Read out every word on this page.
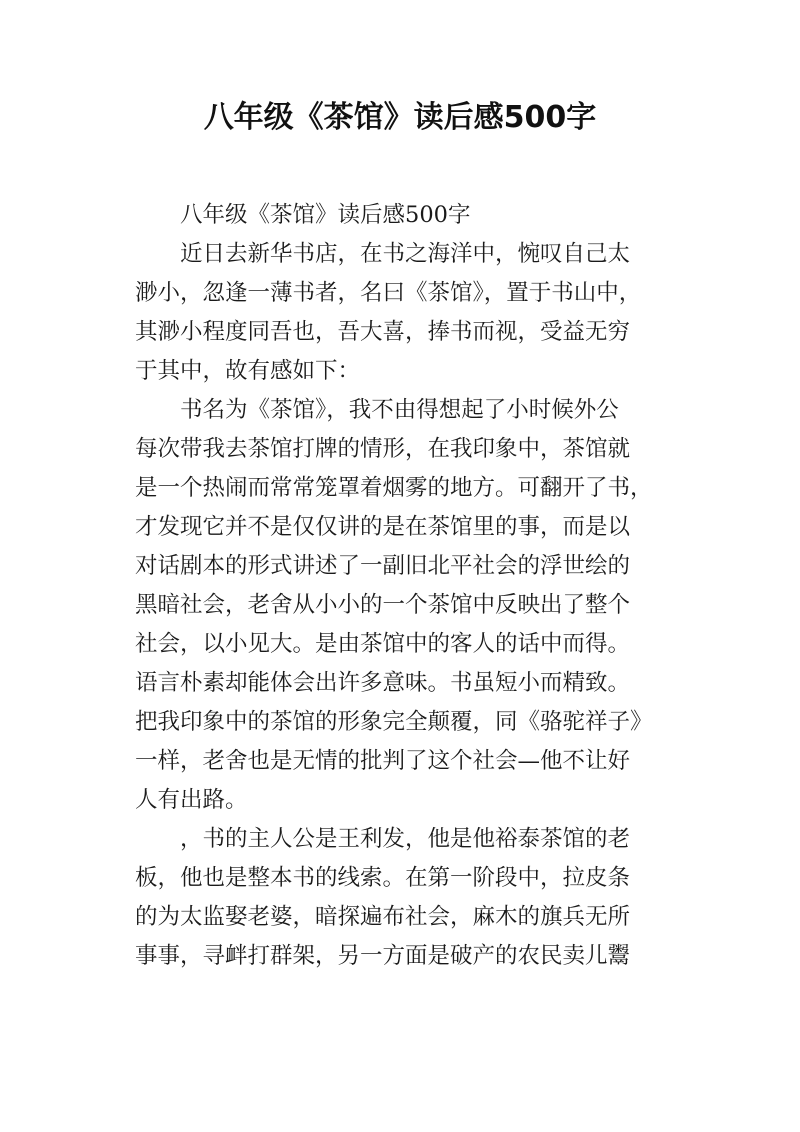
八年级《茶馆》读后感500字
八年级《茶馆》读后感500字
近日去新华书店，在书之海洋中，惋叹自己太
渺小，忽逢一薄书者，名曰《茶馆》，置于书山中，
其渺小程度同吾也，吾大喜，捧书而视，受益无穷
于其中，故有感如下：
书名为《茶馆》，我不由得想起了小时候外公
每次带我去茶馆打牌的情形，在我印象中，茶馆就
是一个热闹而常常笼罩着烟雾的地方。可翻开了书，
才发现它并不是仅仅讲的是在茶馆里的事，而是以
对话剧本的形式讲述了一副旧北平社会的浮世绘的
黑暗社会，老舍从小小的一个茶馆中反映出了整个
社会，以小见大。是由茶馆中的客人的话中而得。
语言朴素却能体会出许多意味。书虽短小而精致。
把我印象中的茶馆的形象完全颠覆，同《骆驼祥子》
一样，老舍也是无情的批判了这个社会—他不让好
人有出路。
，书的主人公是王利发，他是他裕泰茶馆的老
板，他也是整本书的线索。在第一阶段中，拉皮条
的为太监娶老婆，暗探遍布社会，麻木的旗兵无所
事事，寻衅打群架，另一方面是破产的农民卖儿鬻
